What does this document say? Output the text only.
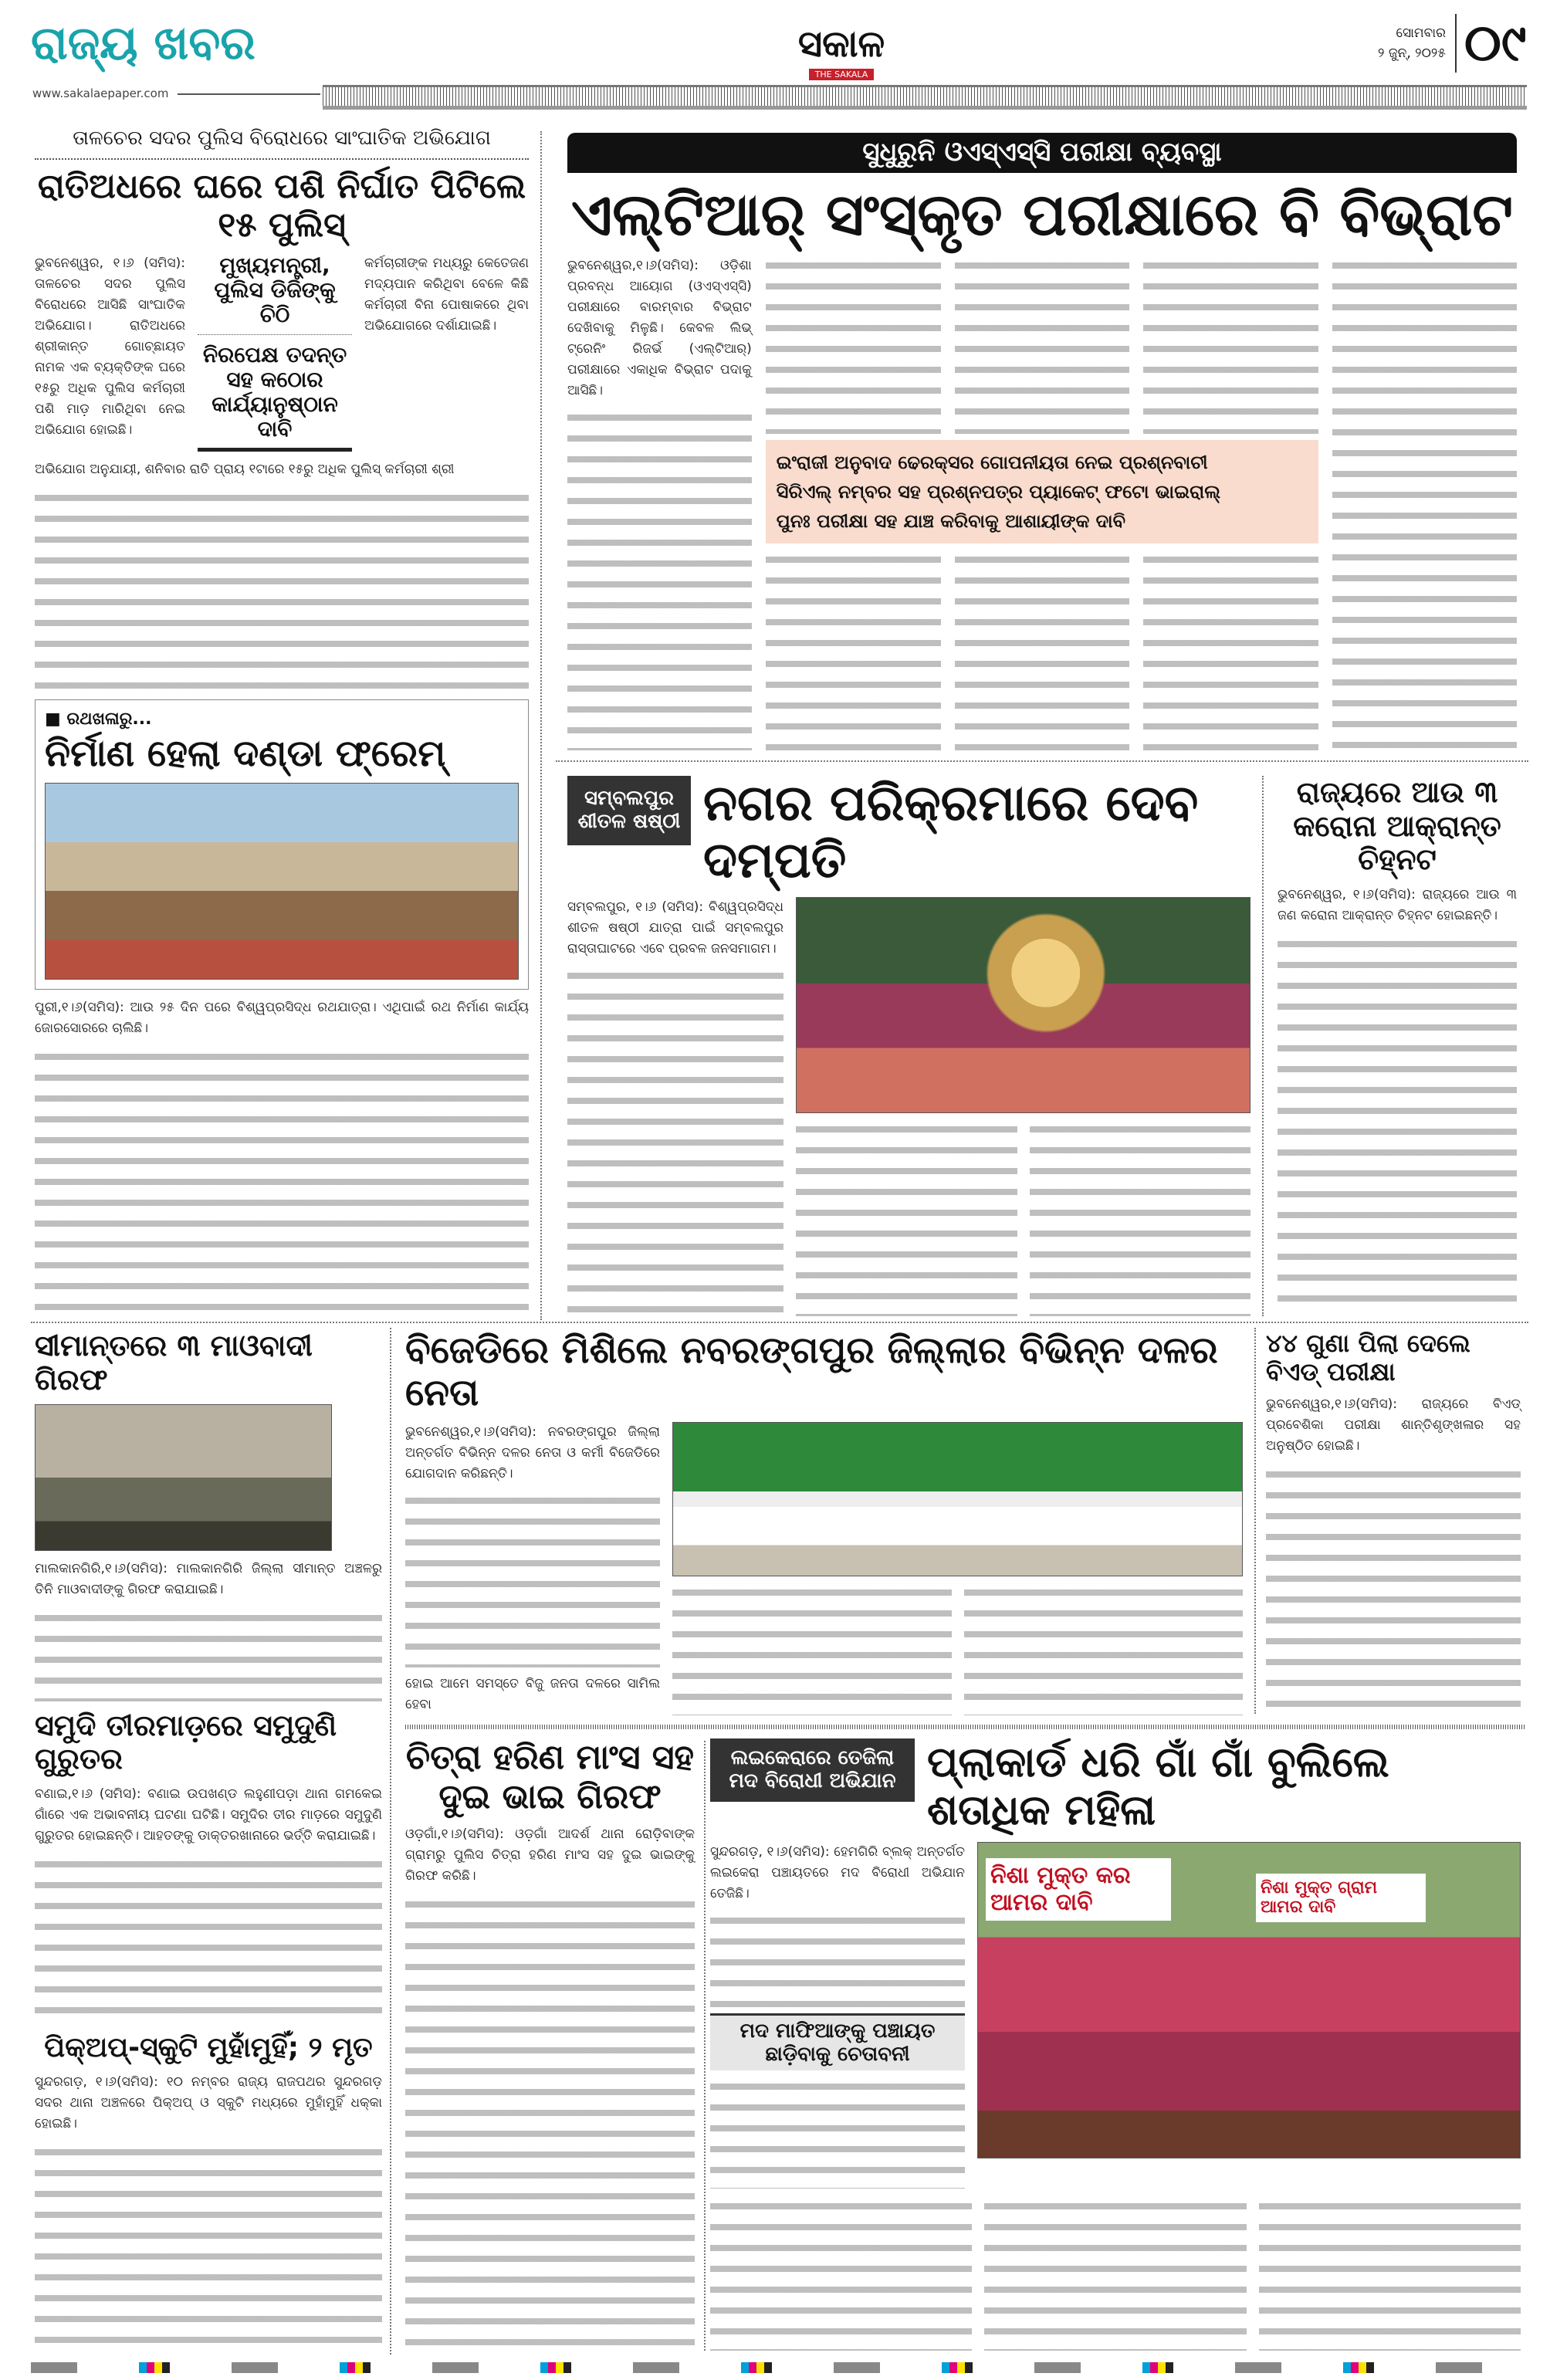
ରାଜ୍ୟ ଖବର
www.sakalaepaper.com
ସକାଳ
THE SAKALA
ସୋମବାର
୨ ଜୁନ୍, ୨୦୨୫ ୦୯
ତାଳଚେର ସଦର ପୁଲିସ ବିରୋଧରେ ସାଂଘାତିକ ଅଭିଯୋଗ
ରାତିଅଧରେ ଘରେ ପଶି ନିର୍ଘାତ ପିଟିଲେ ୧୫ ପୁଲିସ୍
ଭୁବନେଶ୍ୱର, ୧।୬ (ସମିସ): ତାଳଚେର ସଦର ପୁଲିସ ବିରୋଧରେ ଆସିଛି ସାଂଘାତିକ ଅଭିଯୋଗ। ରାତିଅଧରେ ଶ୍ରୀକାନ୍ତ ଗୋଚ୍ଛାୟତ ନାମକ ଏକ ବ୍ୟକ୍ତିଙ୍କ ଘରେ ୧୫ରୁ ଅଧିକ ପୁଲିସ କର୍ମଚାରୀ ପଶି ମାଡ଼ ମାରିଥିବା ନେଇ ଅଭିଯୋଗ ହୋଇଛି।
ମୁଖ୍ୟମନ୍ତ୍ରୀ, ପୁଲିସ ଡିଜିଙ୍କୁ ଚିଠି
ନିରପେକ୍ଷ ତଦନ୍ତ ସହ କଠୋର କାର୍ଯ୍ୟାନୁଷ୍ଠାନ ଦାବି
କର୍ମଚାରୀଙ୍କ ମଧ୍ୟରୁ କେତେଜଣ ମଦ୍ୟପାନ କରିଥିବା ବେଳେ କିଛି କର୍ମଚାରୀ ବିନା ପୋଷାକରେ ଥିବା ଅଭିଯୋଗରେ ଦର୍ଶାଯାଇଛି।
ଅଭିଯୋଗ ଅନୁଯାୟୀ, ଶନିବାର ରାତି ପ୍ରାୟ ୧ଟାରେ ୧୫ରୁ ଅଧିକ ପୁଲିସ୍ କର୍ମଚାରୀ ଶ୍ରୀ
■ ରଥଖଳାରୁ...
ନିର୍ମାଣ ହେଲା ଦଣ୍ଡା ଫ୍ରେମ୍
ପୁରୀ,୧।୬(ସମିସ): ଆଉ ୨୫ ଦିନ ପରେ ବିଶ୍ୱପ୍ରସିଦ୍ଧ ରଥଯାତ୍ରା। ଏଥିପାଇଁ ରଥ ନିର୍ମାଣ କାର୍ଯ୍ୟ ଜୋରସୋରରେ ଚାଲିଛି।
ସୁଧୁରୁନି ଓଏସ୍ଏସ୍ସି ପରୀକ୍ଷା ବ୍ୟବସ୍ଥା
ଏଲ୍‌ଟିଆର୍ ସଂସ୍କୃତ ପରୀକ୍ଷାରେ ବି ବିଭ୍ରାଟ
ଭୁବନେଶ୍ୱର,୧।୬(ସମିସ): ଓଡ଼ିଶା ପ୍ରବନ୍ଧ ଆୟୋଗ (ଓଏସ୍ଏସ୍ସି) ପରୀକ୍ଷାରେ ବାରମ୍ବାର ବିଭ୍ରାଟ ଦେଖିବାକୁ ମିଳୁଛି। କେବଳ ଲିଭ୍ ଟ୍ରେନିଂ ରିଜର୍ଭ (ଏଲ୍ଟିଆର୍) ପରୀକ୍ଷାରେ ଏକାଧିକ ବିଭ୍ରାଟ ପଦାକୁ ଆସିଛି।
ଇଂରାଜୀ ଅନୁବାଦ ଢେରକ୍ସର ଗୋପନୀୟତା ନେଇ ପ୍ରଶ୍ନବାଚୀ
ସିରିଏଲ୍ ନମ୍ବର ସହ ପ୍ରଶ୍ନପତ୍ର ପ୍ୟାକେଟ୍ ଫଟୋ ଭାଇରାଲ୍
ପୁନଃ ପରୀକ୍ଷା ସହ ଯାଞ୍ଚ କରିବାକୁ ଆଶାୟୀଙ୍କ ଦାବି
ସମ୍ବଲପୁର ଶୀତଳ ଷଷ୍ଠୀ ନଗର ପରିକ୍ରମାରେ ଦେବ ଦମ୍ପତି
ସମ୍ବଲପୁର, ୧।୬ (ସମିସ): ବିଶ୍ୱପ୍ରସିଦ୍ଧ ଶୀତଳ ଷଷ୍ଠୀ ଯାତ୍ରା ପାଇଁ ସମ୍ବଲପୁର ରାସ୍ତାଘାଟରେ ଏବେ ପ୍ରବଳ ଜନସମାଗମ।
ରାଜ୍ୟରେ ଆଉ ୩ କରୋନା ଆକ୍ରାନ୍ତ ଚିହ୍ନଟ
ଭୁବନେଶ୍ୱର, ୧।୬(ସମିସ): ରାଜ୍ୟରେ ଆଉ ୩ ଜଣ କରୋନା ଆକ୍ରାନ୍ତ ଚିହ୍ନଟ ହୋଇଛନ୍ତି।
ସୀମାନ୍ତରେ ୩ ମାଓବାଦୀ ଗିରଫ
ମାଲକାନଗିରି,୧।୬(ସମିସ): ମାଲକାନଗିରି ଜିଲ୍ଲା ସୀମାନ୍ତ ଅଞ୍ଚଳରୁ ତିନି ମାଓବାଦୀଙ୍କୁ ଗିରଫ କରାଯାଇଛି।
ସମୁଦି ତୀରମାଡ଼ରେ ସମୁଦୁଣି ଗୁରୁତର
ବଣାଇ,୧।୬ (ସମିସ): ବଣାଇ ଉପଖଣ୍ଡ ଲହୁଣୀପଡ଼ା ଥାନା ଗମକେଇ ଗାଁରେ ଏକ ଅଭାବନୀୟ ଘଟଣା ଘଟିଛି। ସମୁଦିର ତୀର ମାଡ଼ରେ ସମୁଦୁଣି ଗୁରୁତର ହୋଇଛନ୍ତି। ଆହତଙ୍କୁ ଡାକ୍ତରଖାନାରେ ଭର୍ତ୍ତି କରାଯାଇଛି।
ପିକ୍ଅପ୍-ସ୍କୁଟି ମୁହାଁମୁହିଁ; ୨ ମୃତ
ସୁନ୍ଦରଗଡ଼, ୧।୬(ସମିସ): ୧୦ ନମ୍ବର ରାଜ୍ୟ ରାଜପଥର ସୁନ୍ଦରଗଡ଼ ସଦର ଥାନା ଅଞ୍ଚଳରେ ପିକ୍ଅପ୍ ଓ ସ୍କୁଟି ମଧ୍ୟରେ ମୁହାଁମୁହିଁ ଧକ୍କା ହୋଇଛି।
ବିଜେଡିରେ ମିଶିଲେ ନବରଙ୍ଗପୁର ଜିଲ୍ଲାର ବିଭିନ୍ନ ଦଳର ନେତା
ଭୁବନେଶ୍ୱର,୧।୬(ସମିସ): ନବରଙ୍ଗପୁର ଜିଲ୍ଲା ଅନ୍ତର୍ଗତ ବିଭିନ୍ନ ଦଳର ନେତା ଓ କର୍ମୀ ବିଜେଡିରେ ଯୋଗଦାନ କରିଛନ୍ତି।
ହୋଇ ଆମେ ସମସ୍ତେ ବିଜୁ ଜନତା ଦଳରେ ସାମିଲ ହେବା
୪୪ ଗୁଣା ପିଲା ଦେଲେ ବିଏଡ୍ ପରୀକ୍ଷା
ଭୁବନେଶ୍ୱର,୧।୬(ସମିସ): ରାଜ୍ୟରେ ବିଏଡ୍ ପ୍ରବେଶିକା ପରୀକ୍ଷା ଶାନ୍ତିଶୃଙ୍ଖଳାର ସହ ଅନୁଷ୍ଠିତ ହୋଇଛି।
ଚିତ୍ରା ହରିଣ ମାଂସ ସହ ଦୁଇ ଭାଇ ଗିରଫ
ଓଡ଼ଗାଁ,୧।୬(ସମିସ): ଓଡ଼ଗାଁ ଆଦର୍ଶ ଥାନା ରୋଡ଼ିବାଙ୍କ ଗ୍ରାମରୁ ପୁଲିସ ଚିତ୍ରା ହରିଣ ମାଂସ ସହ ଦୁଇ ଭାଇଙ୍କୁ ଗିରଫ କରିଛି।
ଲଇକେରାରେ ତେଜିଲା ମଦ ବିରୋଧୀ ଅଭିଯାନ ପ୍ଲାକାର୍ଡ ଧରି ଗାଁ ଗାଁ ବୁଲିଲେ ଶତାଧିକ ମହିଳା
ସୁନ୍ଦରଗଡ଼, ୧।୬(ସମିସ): ହେମଗିରି ବ୍ଲକ୍ ଅନ୍ତର୍ଗତ ଲଇକେରା ପଞ୍ଚାୟତରେ ମଦ ବିରୋଧୀ ଅଭିଯାନ ତେଜିଛି।
ମଦ ମାଫିଆଙ୍କୁ ପଞ୍ଚାୟତ ଛାଡ଼ିବାକୁ ଚେତାବନୀ
ନିଶା ମୁକ୍ତ କର ଆମର ଦାବି
ନିଶା ମୁକ୍ତ ଗ୍ରାମ ଆମର ଦାବି
